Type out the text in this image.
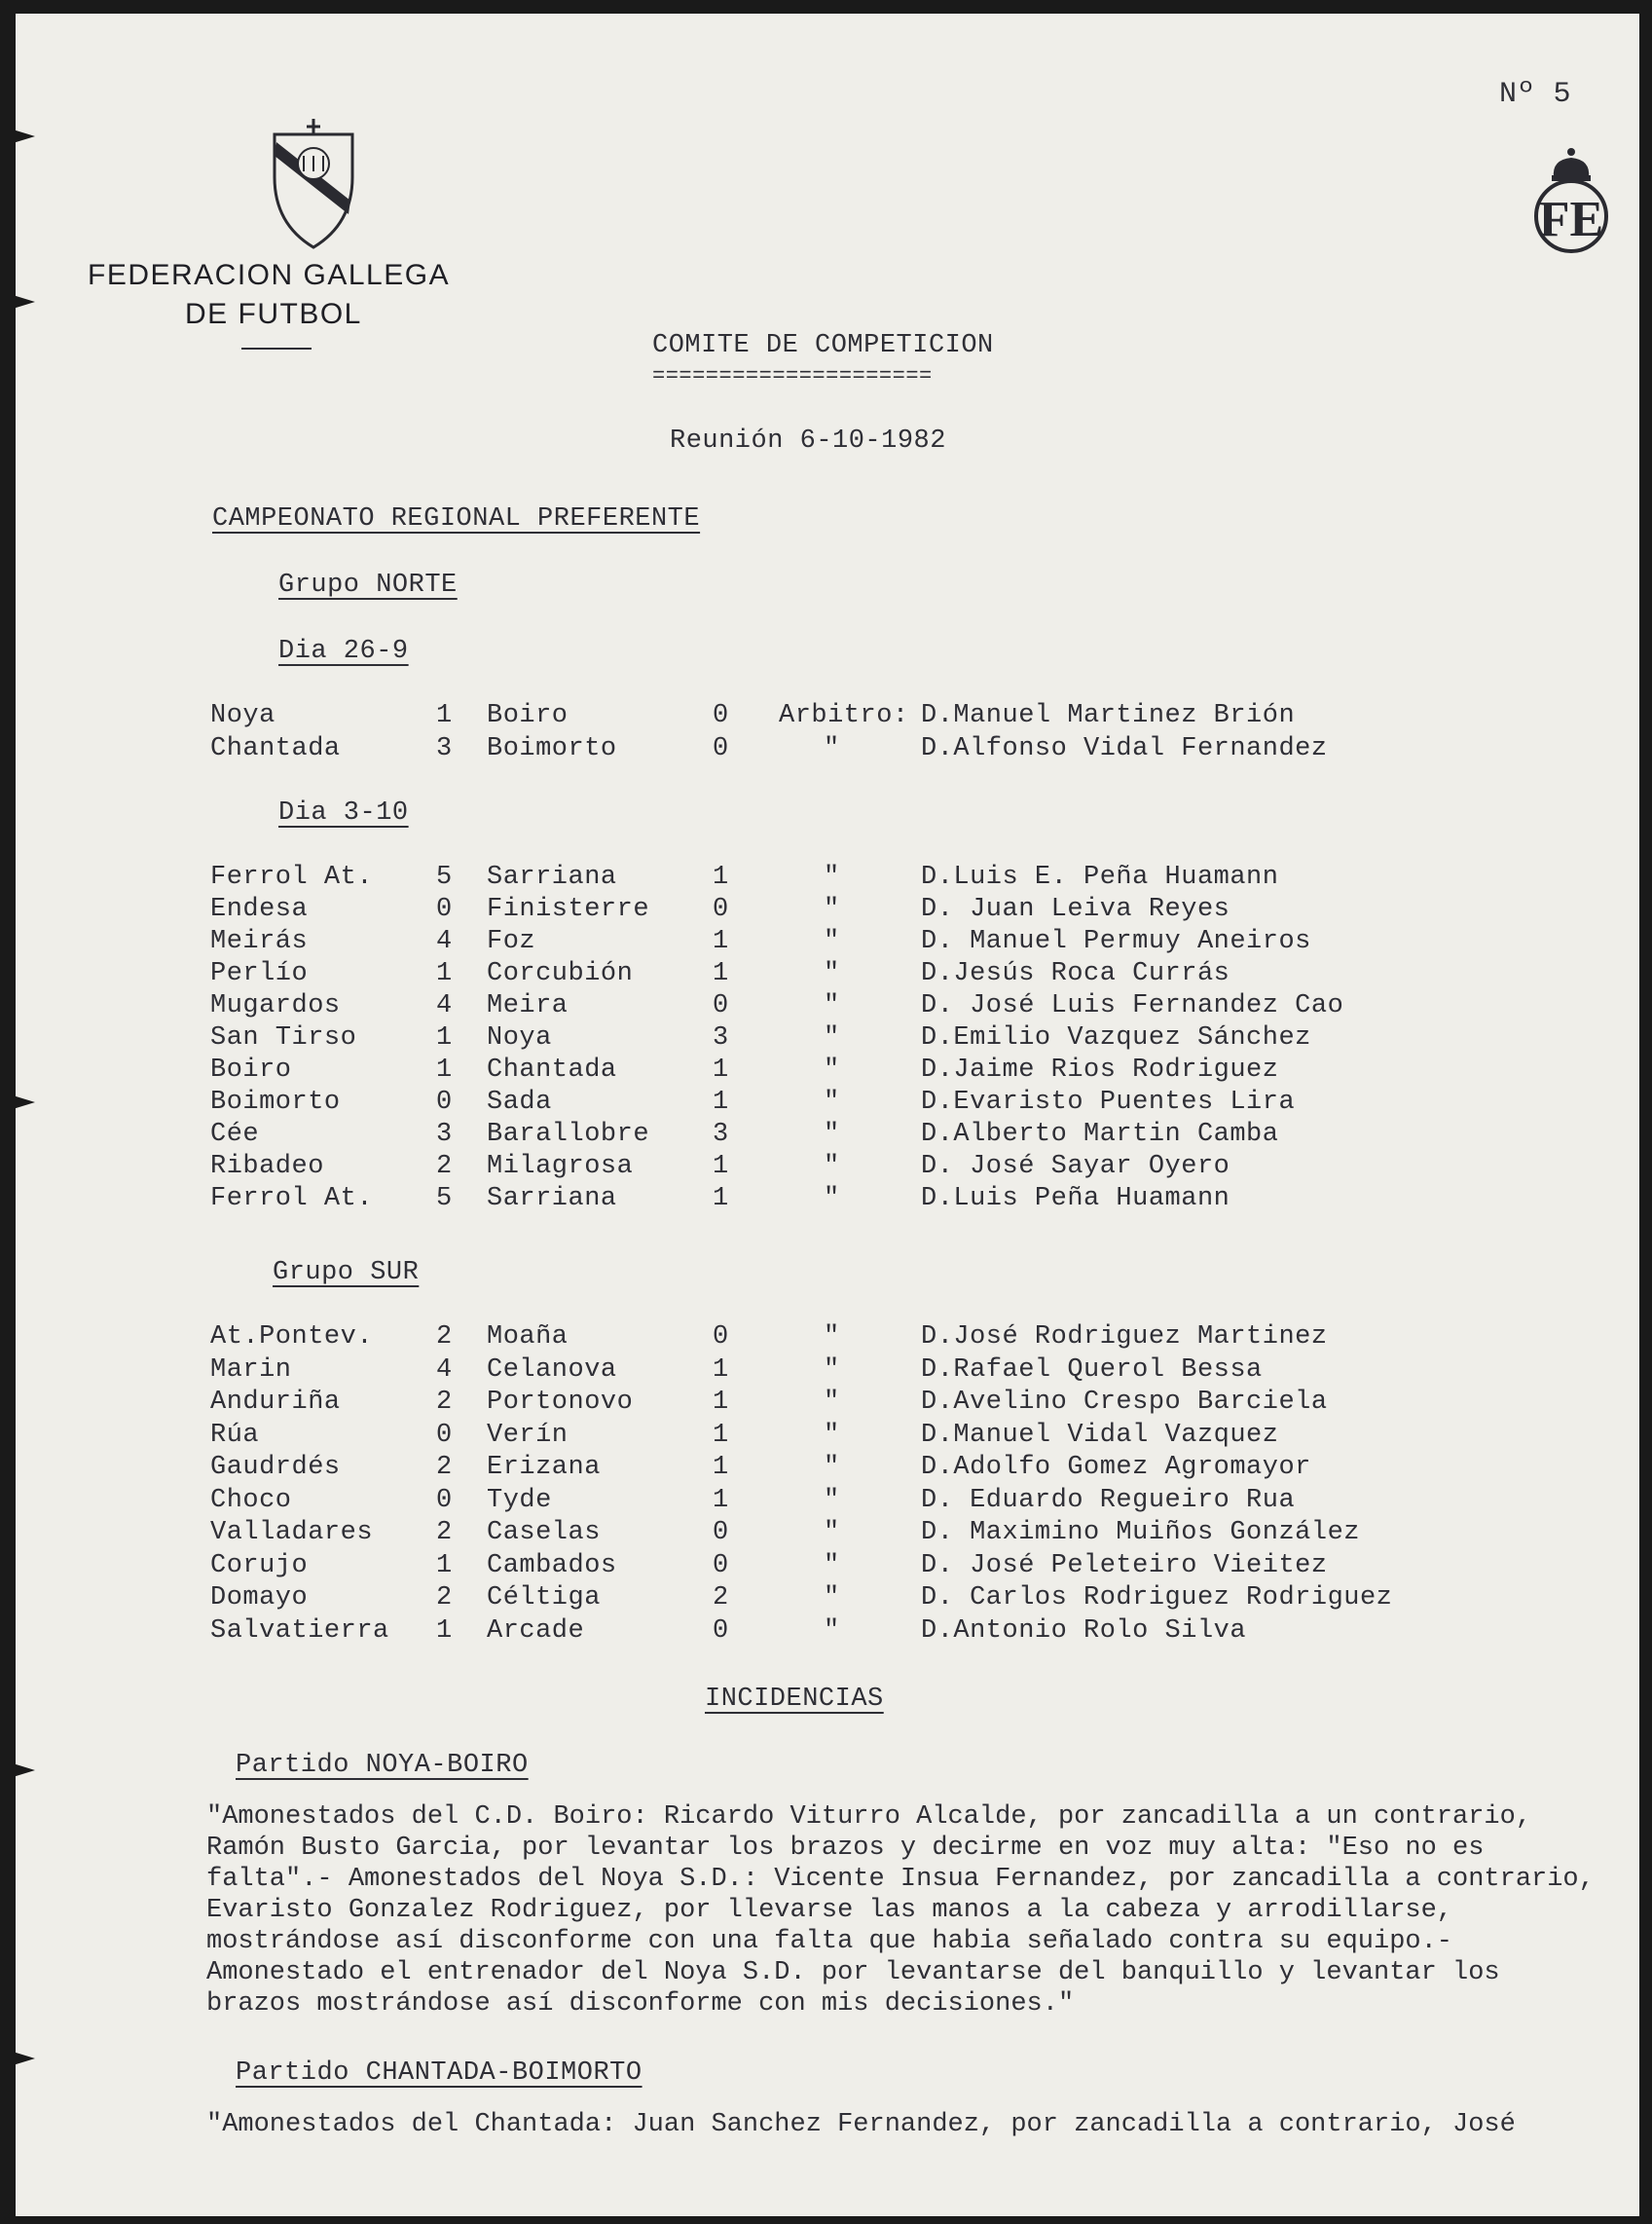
FEDERACION GALLEGA
DE FUTBOL
Nº 5

FE

COMITE DE COMPETICION
=====================
Reunión 6-10-1982
CAMPEONATO REGIONAL PREFERENTE
Grupo NORTE
Dia 26-9
Noya	1 Boiro	0 Arbitro: D.Manuel Martinez Brión
Chantada	3 Boimorto	0	"	D.Alfonso Vidal Fernandez
Dia 3-10
Ferrol At. 5 Sarriana	1	"	D.Luis E. Peña Huamann
Endesa	0 Finisterre 0	"	D. Juan Leiva Reyes
Meirás	4 Foz	1	"	D. Manuel Permuy Aneiros
Perlío	1 Corcubión	1	"	D.Jesús Roca Currás
Mugardos	4 Meira	0	"	D. José Luis Fernandez Cao
San Tirso	1 Noya	3	"	D.Emilio Vazquez Sánchez
Boiro	1 Chantada	1	"	D.Jaime Rios Rodriguez
Boimorto	0 Sada	1	"	D.Evaristo Puentes Lira
Cée	3 Barallobre 3	"	D.Alberto Martin Camba
Ribadeo	2 Milagrosa	1	"	D. José Sayar Oyero
Ferrol At. 5 Sarriana	1	"	D.Luis Peña Huamann
Grupo SUR
At.Pontev. 2 Moaña	0	"	D.José Rodriguez Martinez
Marin	4 Celanova	1	"	D.Rafael Querol Bessa
Anduriña	2 Portonovo	1	"	D.Avelino Crespo Barciela
Rúa	0 Verín	1	"	D.Manuel Vidal Vazquez
Gaudrdés	2 Erizana	1	"	D.Adolfo Gomez Agromayor
Choco	0 Tyde	1	"	D. Eduardo Regueiro Rua
Valladares 2 Caselas	0	"	D. Maximino Muiños González
Corujo	1 Cambados	0	"	D. José Peleteiro Vieitez
Domayo	2 Céltiga	2	"	D. Carlos Rodriguez Rodriguez
Salvatierra 1 Arcade	0	"	D.Antonio Rolo Silva
INCIDENCIAS
Partido NOYA-BOIRO
"Amonestados del C.D. Boiro: Ricardo Viturro Alcalde, por zancadilla a un contrario, Ramón Busto Garcia, por levantar los brazos y decirme en voz muy alta: "Eso no es falta".- Amonestados del Noya S.D.: Vicente Insua Fernandez, por zancadilla a contrario, Evaristo Gonzalez Rodriguez, por llevarse las manos a la cabeza y arrodillarse, mostrándose así disconforme con una falta que habia señalado contra su equipo.- Amonestado el entrenador del Noya S.D. por levantarse del banquillo y levantar los brazos mostrándose así disconforme con mis decisiones."
Partido CHANTADA-BOIMORTO
"Amonestados del Chantada: Juan Sanchez Fernandez, por zancadilla a contrario, José
